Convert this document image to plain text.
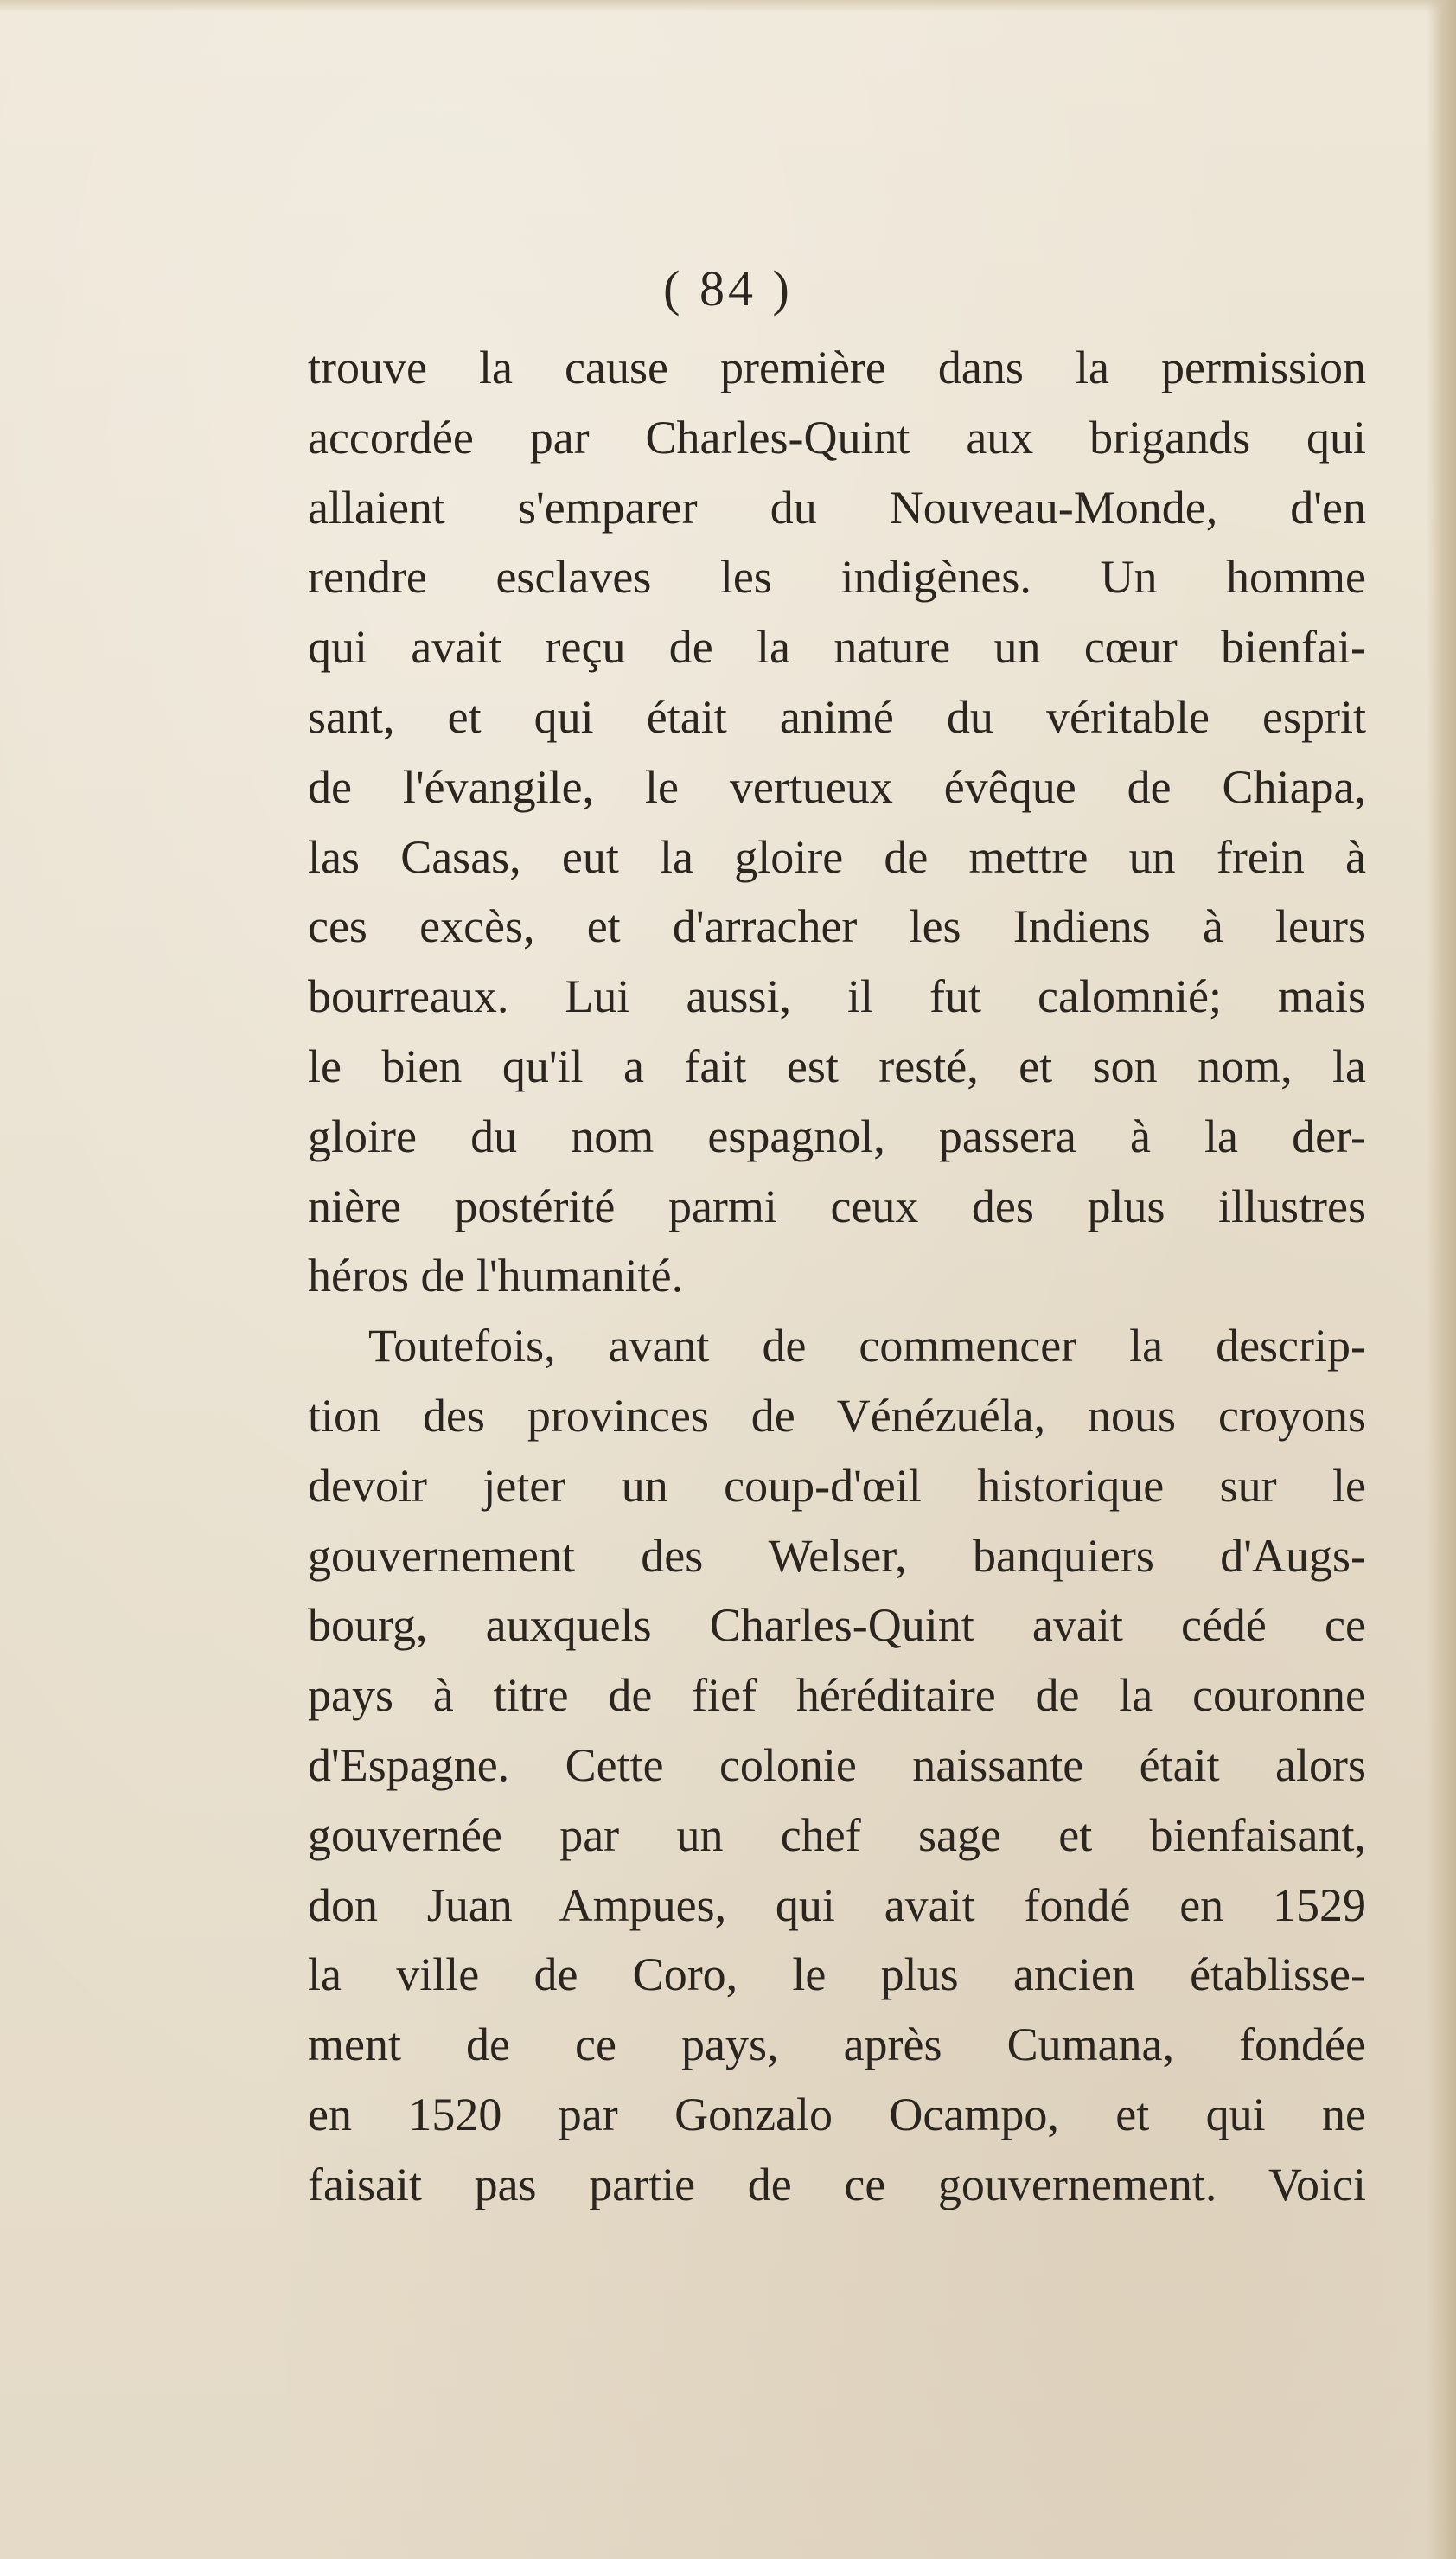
( 84 )
trouve la cause première dans la permission
accordée par Charles-Quint aux brigands qui
allaient s'emparer du Nouveau-Monde, d'en
rendre esclaves les indigènes. Un homme
qui avait reçu de la nature un cœur bienfai-
sant, et qui était animé du véritable esprit
de l'évangile, le vertueux évêque de Chiapa,
las Casas, eut la gloire de mettre un frein à
ces excès, et d'arracher les Indiens à leurs
bourreaux. Lui aussi, il fut calomnié; mais
le bien qu'il a fait est resté, et son nom, la
gloire du nom espagnol, passera à la der-
nière postérité parmi ceux des plus illustres
héros de l'humanité.
Toutefois, avant de commencer la descrip-
tion des provinces de Vénézuéla, nous croyons
devoir jeter un coup-d'œil historique sur le
gouvernement des Welser, banquiers d'Augs-
bourg, auxquels Charles-Quint avait cédé ce
pays à titre de fief héréditaire de la couronne
d'Espagne. Cette colonie naissante était alors
gouvernée par un chef sage et bienfaisant,
don Juan Ampues, qui avait fondé en 1529
la ville de Coro, le plus ancien établisse-
ment de ce pays, après Cumana, fondée
en 1520 par Gonzalo Ocampo, et qui ne
faisait pas partie de ce gouvernement. Voici
